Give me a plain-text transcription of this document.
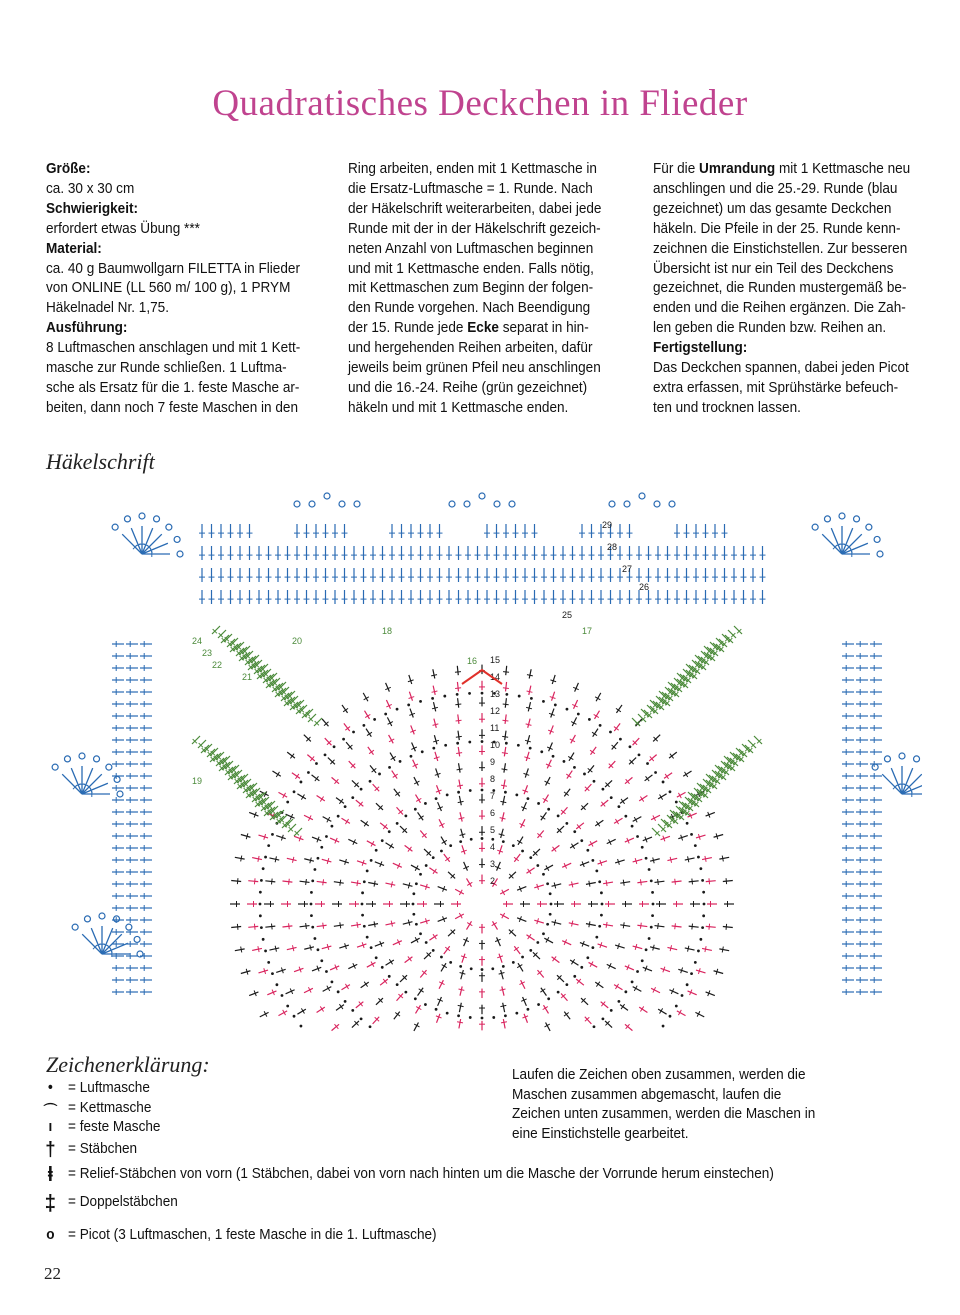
Quadratisches Deckchen in Flieder

Größe:

ca. 30 x 30 cm

Schwierigkeit:

erfordert etwas Übung ***

Material:

ca. 40 g Baumwollgarn FILETTA in Flieder

von ONLINE (LL 560 m/ 100 g), 1 PRYM

Häkelnadel Nr. 1,75.

Ausführung:

8 Luftmaschen anschlagen und mit 1 Kett-

masche zur Runde schließen. 1 Luftma-

sche als Ersatz für die 1. feste Masche ar-

beiten, dann noch 7 feste Maschen in den

Ring arbeiten, enden mit 1 Kettmasche in

die Ersatz-Luftmasche = 1. Runde. Nach

der Häkelschrift weiterarbeiten, dabei jede

Runde mit der in der Häkelschrift gezeich-

neten Anzahl von Luftmaschen beginnen

und mit 1 Kettmasche enden. Falls nötig,

mit Kettmaschen zum Beginn der folgen-

den Runde vorgehen. Nach Beendigung

der 15. Runde jede Ecke separat in hin-

und hergehenden Reihen arbeiten, dafür

jeweils beim grünen Pfeil neu anschlingen

und die 16.-24. Reihe (grün gezeichnet)

häkeln und mit 1 Kettmasche enden.

Für die Umrandung mit 1 Kettmasche neu

anschlingen und die 25.-29. Runde (blau

gezeichnet) um das gesamte Deckchen

häkeln. Die Pfeile in der 25. Runde kenn-

zeichnen die Einstichstellen. Zur besseren

Übersicht ist nur ein Teil des Deckchens

gezeichnet, die Runden mustergemäß be-

enden und die Reihen ergänzen. Die Zah-

len geben die Runden bzw. Reihen an.

Fertigstellung:

Das Deckchen spannen, dabei jeden Picot

extra erfassen, mit Sprühstärke befeuch-

ten und trocknen lassen.

Häkelschrift
2
3
4
5
6
7
8
9
10
11
12
13
14
15
29
28
27
26
25
24
23
22
21
20
19
18	17
16
Zeichenerklärung:
•	= Luftmasche
⌒ = Kettmasche
ı	= feste Masche
† = Stäbchen
ⱡ	= Relief-Stäbchen von vorn (1 Stäbchen, dabei von vorn nach hinten um die Masche der Vorrunde herum einstechen)
‡ = Doppelstäbchen
o = Picot (3 Luftmaschen, 1 feste Masche in die 1. Luftmasche)
Laufen die Zeichen oben zusammen, werden die
Maschen zusammen abgemascht, laufen die
Zeichen unten zusammen, werden die Maschen in
eine Einstichstelle gearbeitet.
22
